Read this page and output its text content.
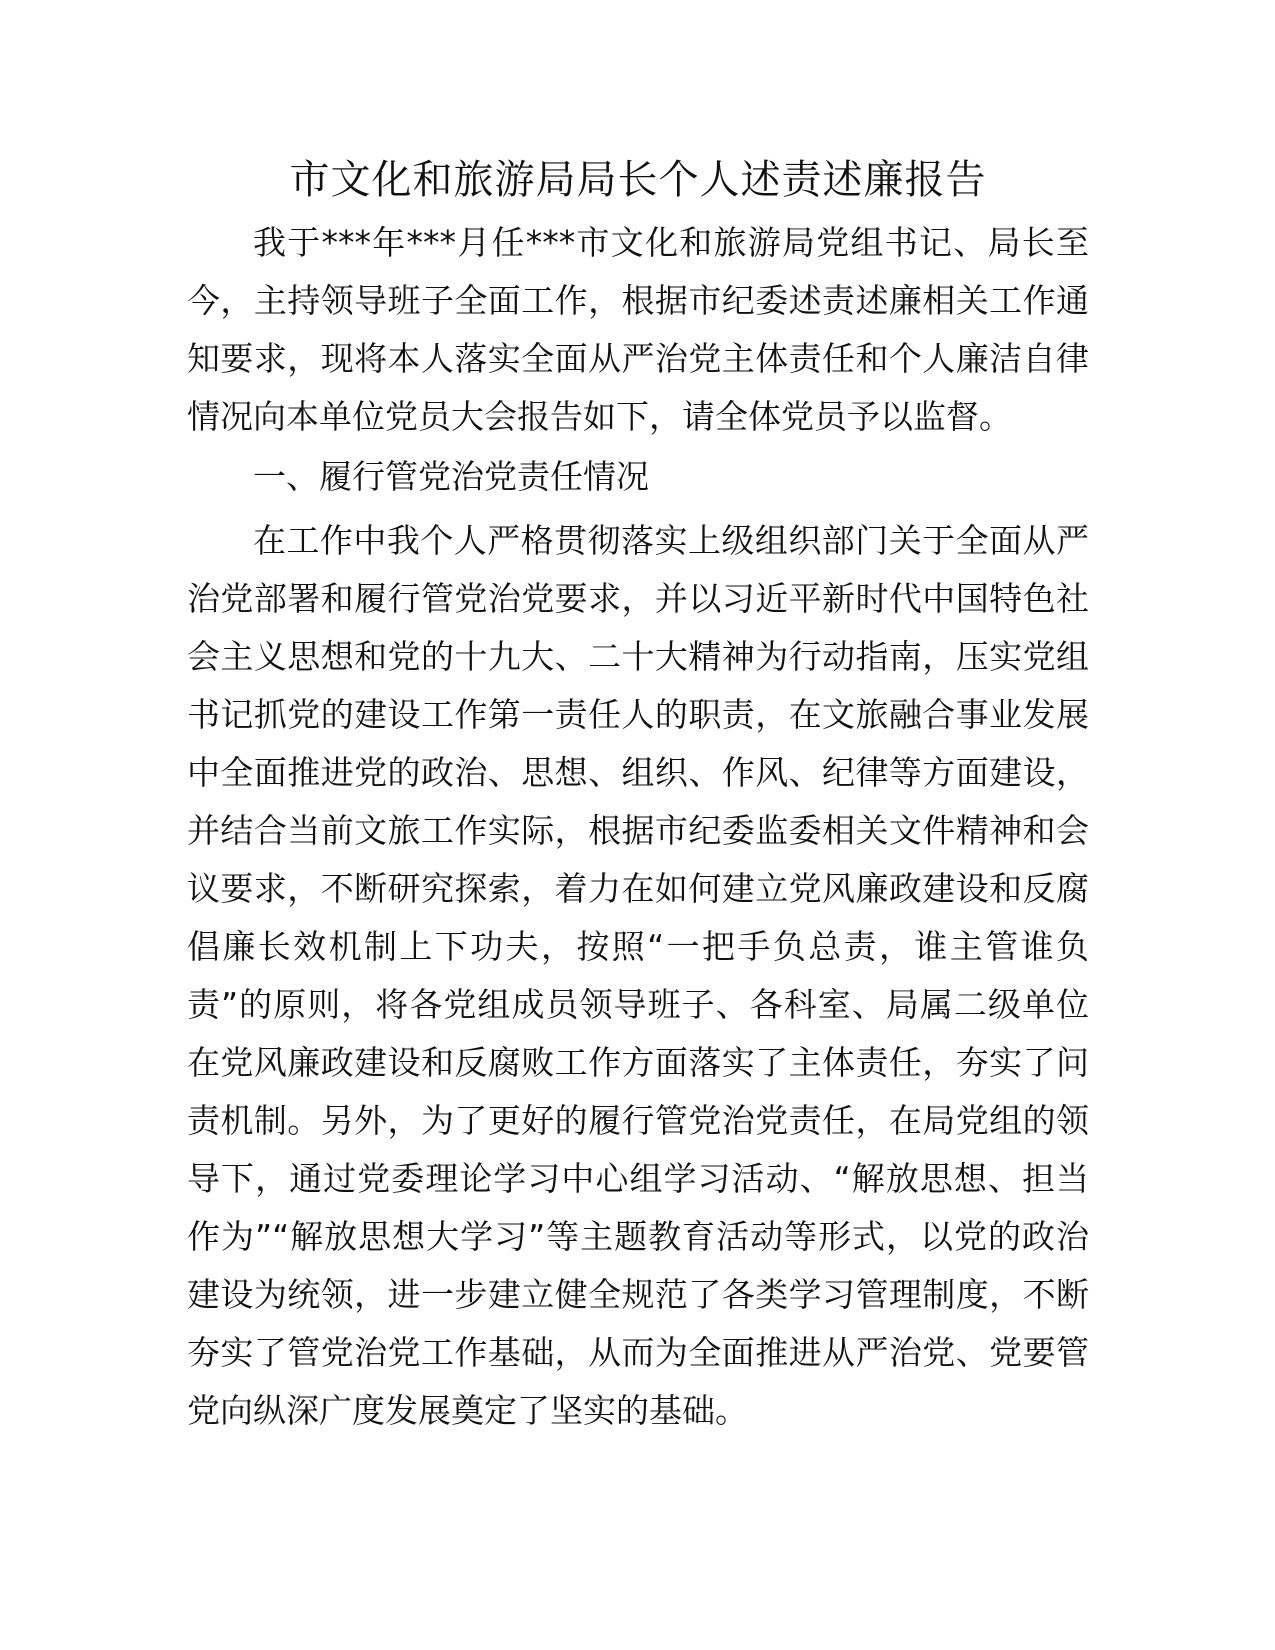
市文化和旅游局局长个人述责述廉报告

我于***年***月任***市文化和旅游局党组书记、局长至今，主持领导班子全面工作，根据市纪委述责述廉相关工作通知要求，现将本人落实全面从严治党主体责任和个人廉洁自律情况向本单位党员大会报告如下，请全体党员予以监督。

一、履行管党治党责任情况

在工作中我个人严格贯彻落实上级组织部门关于全面从严治党部署和履行管党治党要求，并以习近平新时代中国特色社会主义思想和党的十九大、二十大精神为行动指南，压实党组书记抓党的建设工作第一责任人的职责，在文旅融合事业发展中全面推进党的政治、思想、组织、作风、纪律等方面建设，并结合当前文旅工作实际，根据市纪委监委相关文件精神和会议要求，不断研究探索，着力在如何建立党风廉政建设和反腐倡廉长效机制上下功夫，按照“一把手负总责，谁主管谁负责”的原则，将各党组成员领导班子、各科室、局属二级单位在党风廉政建设和反腐败工作方面落实了主体责任，夯实了问责机制。另外，为了更好的履行管党治党责任，在局党组的领导下，通过党委理论学习中心组学习活动、“解放思想、担当作为”“解放思想大学习”等主题教育活动等形式，以党的政治建设为统领，进一步建立健全规范了各类学习管理制度，不断夯实了管党治党工作基础，从而为全面推进从严治党、党要管党向纵深广度发展奠定了坚实的基础。
